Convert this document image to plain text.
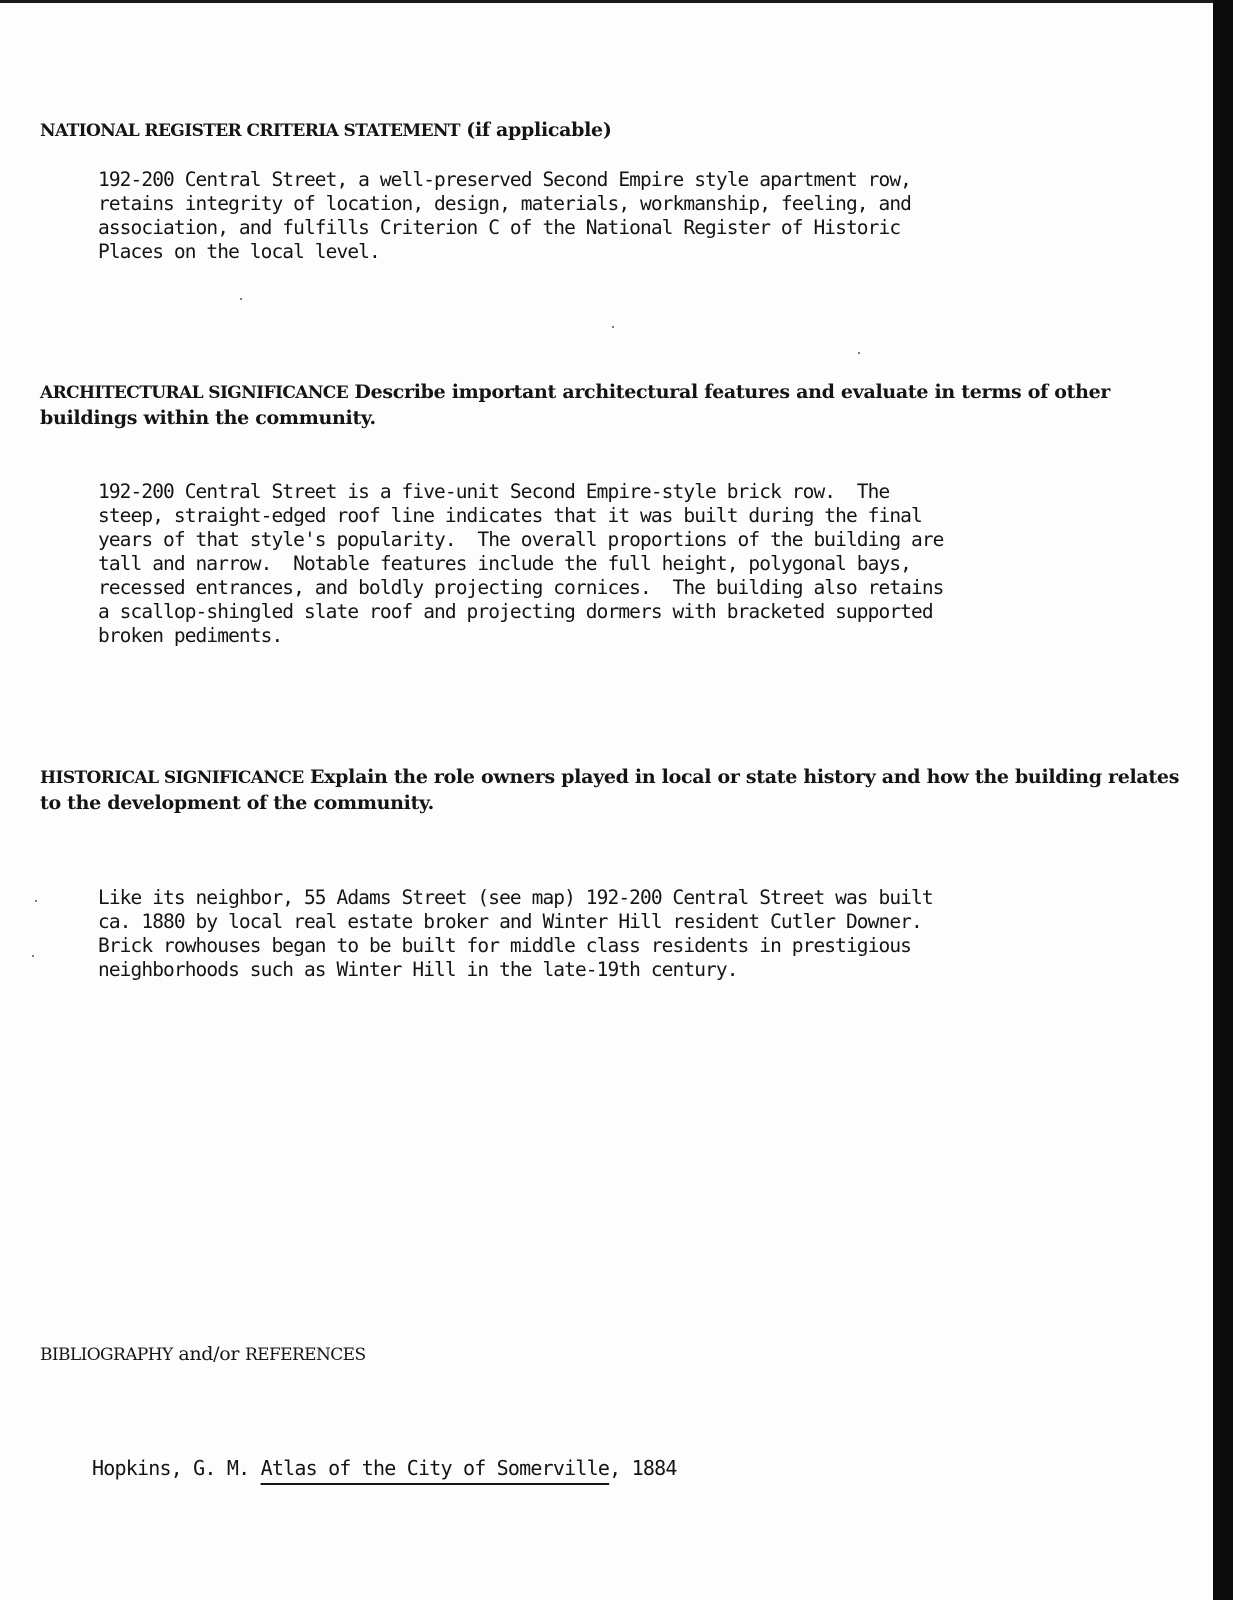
NATIONAL REGISTER CRITERIA STATEMENT (if applicable)
192-200 Central Street, a well-preserved Second Empire style apartment row,
retains integrity of location, design, materials, workmanship, feeling, and
association, and fulfills Criterion C of the National Register of Historic
Places on the local level.
ARCHITECTURAL SIGNIFICANCE Describe important architectural features and evaluate in terms of other buildings within the community.
192-200 Central Street is a five-unit Second Empire-style brick row.  The
steep, straight-edged roof line indicates that it was built during the final
years of that style's popularity.  The overall proportions of the building are
tall and narrow.  Notable features include the full height, polygonal bays,
recessed entrances, and boldly projecting cornices.  The building also retains
a scallop-shingled slate roof and projecting dormers with bracketed supported
broken pediments.
HISTORICAL SIGNIFICANCE Explain the role owners played in local or state history and how the building relates to the development of the community.
Like its neighbor, 55 Adams Street (see map) 192-200 Central Street was built
ca. 1880 by local real estate broker and Winter Hill resident Cutler Downer.
Brick rowhouses began to be built for middle class residents in prestigious
neighborhoods such as Winter Hill in the late-19th century.
BIBLIOGRAPHY and/or REFERENCES
Hopkins, G. M. Atlas of the City of Somerville, 1884
